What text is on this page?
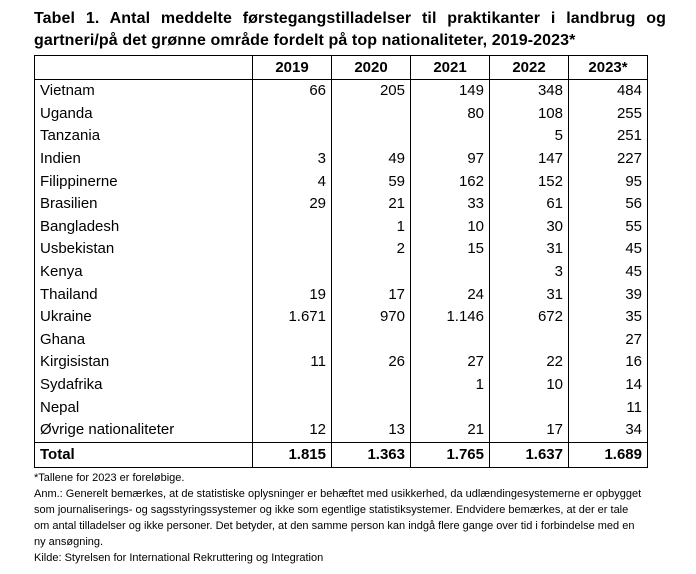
Tabel 1. Antal meddelte førstegangstilladelser til praktikanter i landbrug og gartneri/på det grønne område fordelt på top nationaliteter, 2019-2023*
	2019	2020	2021	2022	2023*
Vietnam	66	205	149	348	484
Uganda			80	108	255
Tanzania				5	251
Indien	3	49	97	147	227
Filippinerne	4	59	162	152	95
Brasilien	29	21	33	61	56
Bangladesh		1	10	30	55
Usbekistan		2	15	31	45
Kenya				3	45
Thailand	19	17	24	31	39
Ukraine	1.671	970	1.146	672	35
Ghana					27
Kirgisistan	11	26	27	22	16
Sydafrika			1	10	14
Nepal					11
Øvrige nationaliteter	12	13	21	17	34
Total	1.815	1.363	1.765	1.637	1.689
*Tallene for 2023 er foreløbige.
Anm.: Generelt bemærkes, at de statistiske oplysninger er behæftet med usikkerhed, da udlændingesystemerne er opbygget som journaliserings- og sagsstyringssystemer og ikke som egentlige statistiksystemer. Endvidere bemærkes, at der er tale om antal tilladelser og ikke personer. Det betyder, at den samme person kan indgå flere gange over tid i forbindelse med en ny ansøgning.
Kilde: Styrelsen for International Rekruttering og Integration
